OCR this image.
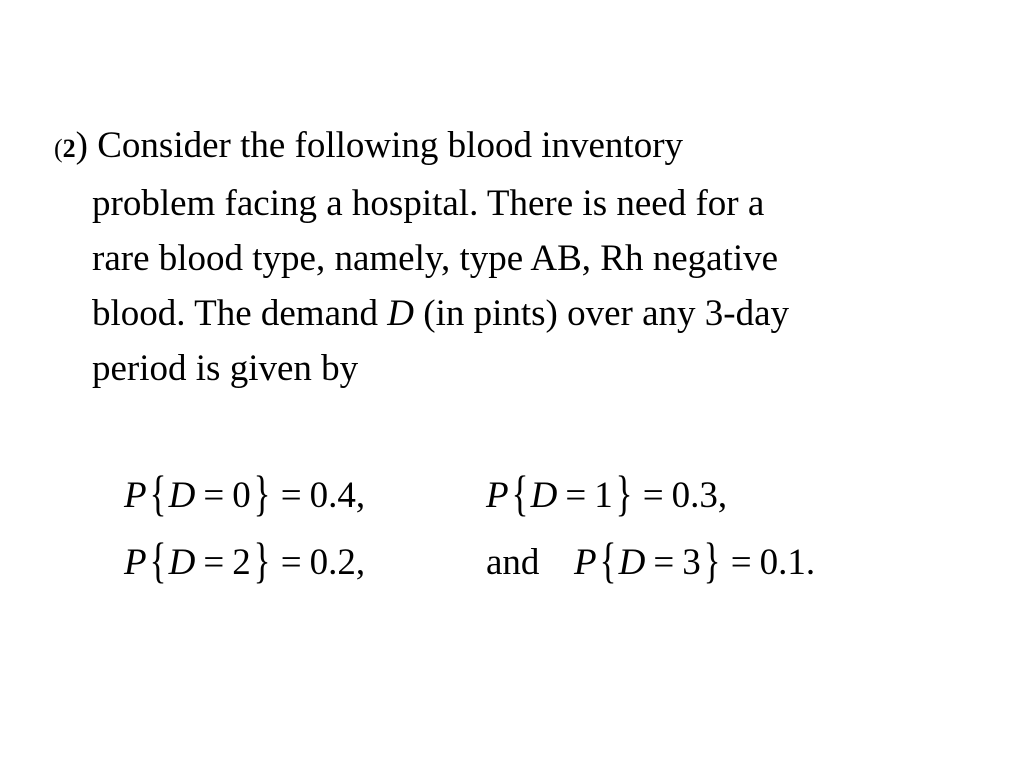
(2) Consider the following blood inventory
problem facing a hospital. There is need for a
rare blood type, namely, type AB, Rh negative
blood. The demand D (in pints) over any 3-day
period is given by
P{D = 0} = 0.4,	P{D = 1} = 0.3,
P{D = 2} = 0.2,	and P{D = 3} = 0.1.
